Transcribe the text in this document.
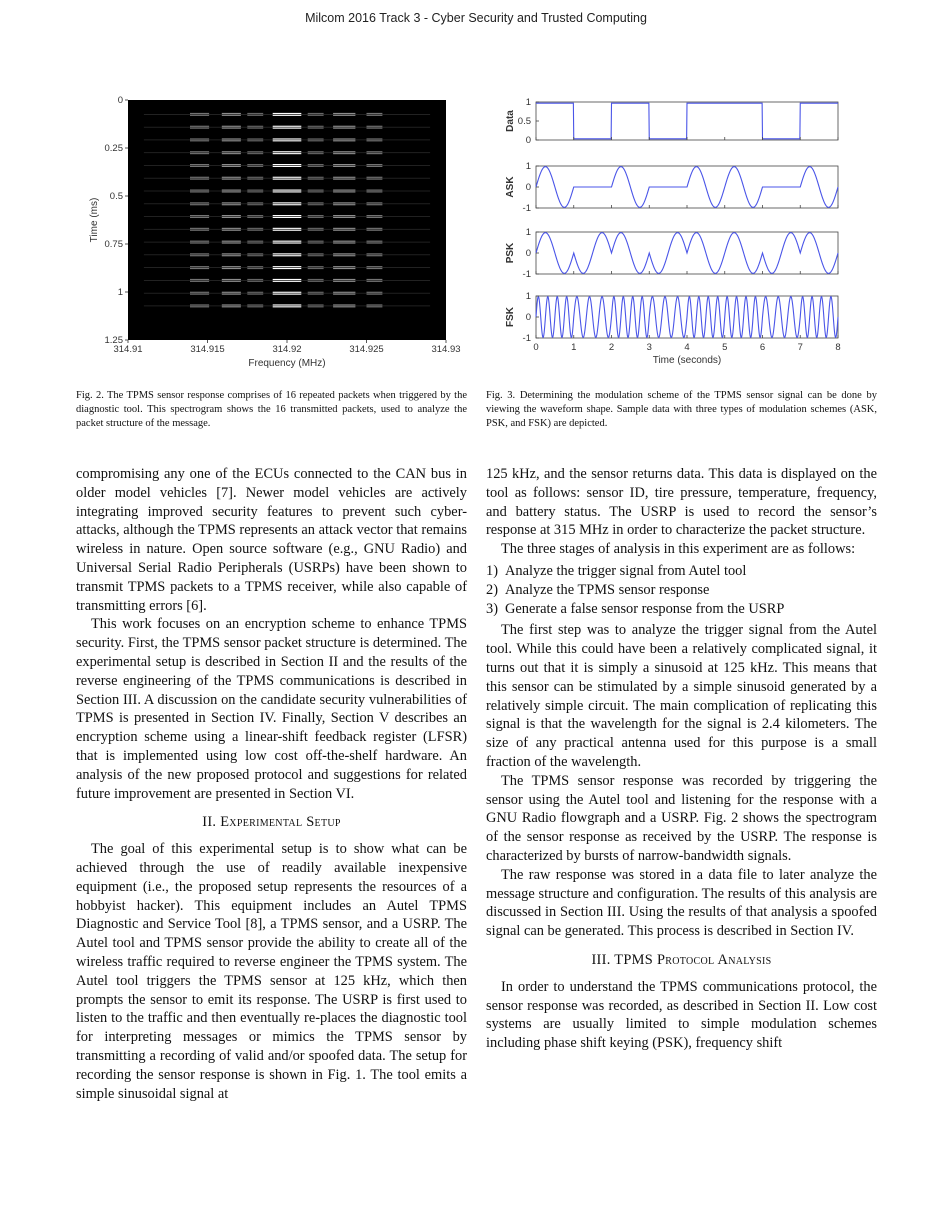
Milcom 2016 Track 3 - Cyber Security and Trusted Computing
314.91	314.915	314.92	314.925	314.93
0
0.25
0.5
0.75
1
1.25
Frequency (MHz)
Time (ms)
Fig. 2. The TPMS sensor response comprises of 16 repeated packets when triggered by the diagnostic tool. This spectrogram shows the 16 transmitted packets, used to analyze the packet structure of the message.
1
0.5
0
Data
1
0
-1
ASK
1
0
-1
PSK
1
0
-1
FSK
0	1	2	3	4	5	6	7	8
Time (seconds)
Fig. 3. Determining the modulation scheme of the TPMS sensor signal can be done by viewing the waveform shape. Sample data with three types of modulation schemes (ASK, PSK, and FSK) are depicted.

compromising any one of the ECUs connected to the CAN bus in older model vehicles [7]. Newer model vehicles are actively integrating improved security features to prevent such cyber-attacks, although the TPMS represents an attack vector that remains wireless in nature. Open source software (e.g., GNU Radio) and Universal Serial Radio Peripherals (USRPs) have been shown to transmit TPMS packets to a TPMS receiver, while also capable of transmitting errors [6].

This work focuses on an encryption scheme to enhance TPMS security. First, the TPMS sensor packet structure is determined. The experimental setup is described in Section II and the results of the reverse engineering of the TPMS communications is described in Section III. A discussion on the candidate security vulnerabilities of TPMS is presented in Section IV. Finally, Section V describes an encryption scheme using a linear-shift feedback register (LFSR) that is implemented using low cost off-the-shelf hardware. An analysis of the new proposed protocol and suggestions for related future improvement are presented in Section VI.

II. Experimental Setup

The goal of this experimental setup is to show what can be achieved through the use of readily available inexpensive equipment (i.e., the proposed setup represents the resources of a hobbyist hacker). This equipment includes an Autel TPMS Diagnostic and Service Tool [8], a TPMS sensor, and a USRP. The Autel tool and TPMS sensor provide the ability to create all of the wireless traffic required to reverse engineer the TPMS system. The Autel tool triggers the TPMS sensor at 125 kHz, which then prompts the sensor to emit its response. The USRP is first used to listen to the traffic and then eventually re-places the diagnostic tool for interpreting messages or mimics the TPMS sensor by transmitting a recording of valid and/or spoofed data. The setup for recording the sensor response is shown in Fig. 1. The tool emits a simple sinusoidal signal at

125 kHz, and the sensor returns data. This data is displayed on the tool as follows: sensor ID, tire pressure, temperature, frequency, and battery status. The USRP is used to record the sensor’s response at 315 MHz in order to characterize the packet structure.

The three stages of analysis in this experiment are as follows:

1) Analyze the trigger signal from Autel tool
2) Analyze the TPMS sensor response
3) Generate a false sensor response from the USRP

The first step was to analyze the trigger signal from the Autel tool. While this could have been a relatively complicated signal, it turns out that it is simply a sinusoid at 125 kHz. This means that this sensor can be stimulated by a simple sinusoid generated by a relatively simple circuit. The main complication of replicating this signal is that the wavelength for the signal is 2.4 kilometers. The size of any practical antenna used for this purpose is a small fraction of the wavelength.

The TPMS sensor response was recorded by triggering the sensor using the Autel tool and listening for the response with a GNU Radio flowgraph and a USRP. Fig. 2 shows the spectrogram of the sensor response as received by the USRP. The response is characterized by bursts of narrow-bandwidth signals.

The raw response was stored in a data file to later analyze the message structure and configuration. The results of this analysis are discussed in Section III. Using the results of that analysis a spoofed signal can be generated. This process is described in Section IV.

III. TPMS Protocol Analysis

In order to understand the TPMS communications protocol, the sensor response was recorded, as described in Section II. Low cost systems are usually limited to simple modulation schemes including phase shift keying (PSK), frequency shift
